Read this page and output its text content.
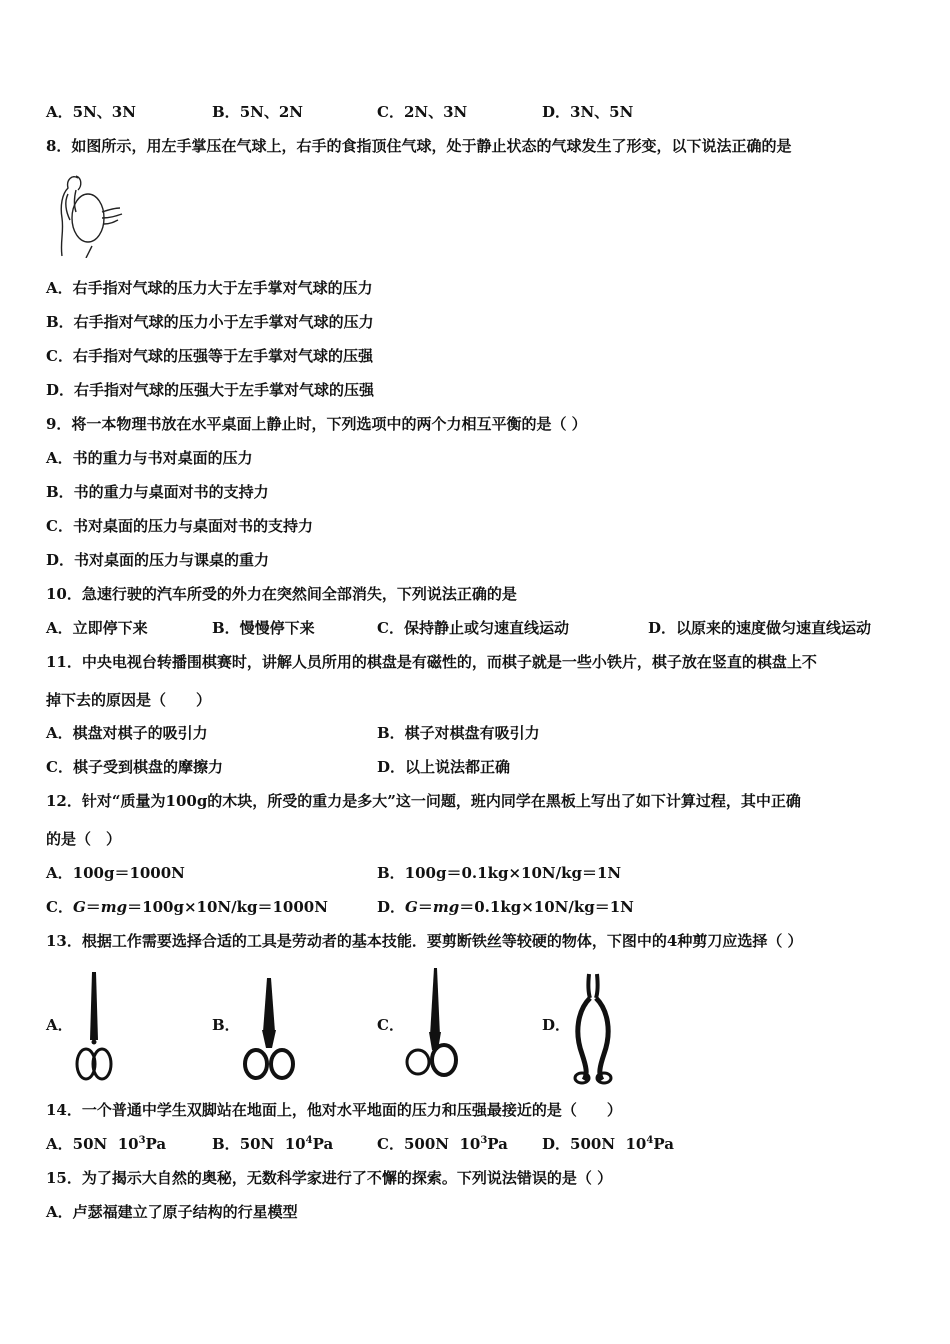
A．5N、3N	B．5N、2N	C．2N、3N	D．3N、5N
8．如图所示，用左手掌压在气球上，右手的食指顶住气球，处于静止状态的气球发生了形变，以下说法正确的是
A．右手指对气球的压力大于左手掌对气球的压力
B．右手指对气球的压力小于左手掌对气球的压力
C．右手指对气球的压强等于左手掌对气球的压强
D．右手指对气球的压强大于左手掌对气球的压强
9．将一本物理书放在水平桌面上静止时，下列选项中的两个力相互平衡的是（ ）
A．书的重力与书对桌面的压力
B．书的重力与桌面对书的支持力
C．书对桌面的压力与桌面对书的支持力
D．书对桌面的压力与课桌的重力
10．急速行驶的汽车所受的外力在突然间全部消失，下列说法正确的是
A．立即停下来	B．慢慢停下来	C．保持静止或匀速直线运动	D．以原来的速度做匀速直线运动
11．中央电视台转播围棋赛时，讲解人员所用的棋盘是有磁性的，而棋子就是一些小铁片，棋子放在竖直的棋盘上不
掉下去的原因是（　　）
A．棋盘对棋子的吸引力	B．棋子对棋盘有吸引力
C．棋子受到棋盘的摩擦力	D．以上说法都正确
12．针对“质量为100g的木块，所受的重力是多大”这一问题，班内同学在黑板上写出了如下计算过程，其中正确
的是（　）
A．100g＝1000N	B．100g＝0.1kg×10N/kg＝1N
C．G＝mg＝100g×10N/kg＝1000N	D．G＝mg＝0.1kg×10N/kg＝1N
13．根据工作需要选择合适的工具是劳动者的基本技能．要剪断铁丝等较硬的物体，下图中的4种剪刀应选择（ ）
A．	B．	C．	D．
14．一个普通中学生双脚站在地面上，他对水平地面的压力和压强最接近的是（　　）
A．50N $10^3Pa$	B．50N $10^4Pa$	C．500N $10^3Pa$ D．500N $10^4Pa$
15．为了揭示大自然的奥秘，无数科学家进行了不懈的探索。下列说法错误的是（ ）
A．卢瑟福建立了原子结构的行星模型
